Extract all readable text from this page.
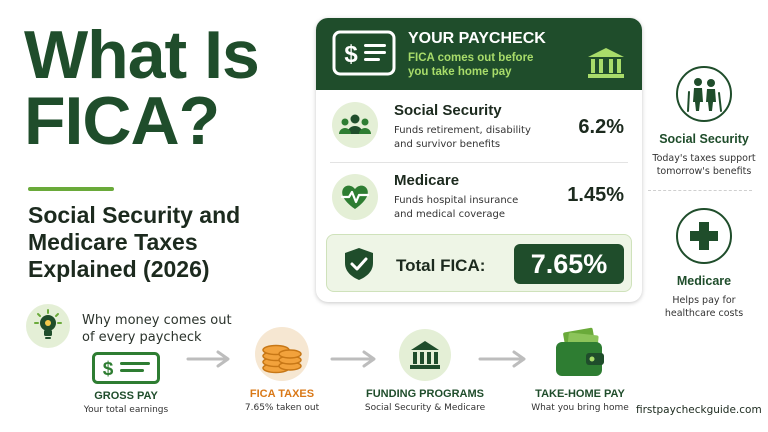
What Is
FICA?
Social Security and
Medicare Taxes
Explained (2026)
Why money comes out
of every paycheck
$
GROSS PAY
Your total earnings
FICA TAXES
7.65% taken out
FUNDING PROGRAMS
Social Security & Medicare
TAKE-HOME PAY
What you bring home
$
YOUR PAYCHECK
FICA comes out before
you take home pay
Social Security
Funds retirement, disability
and survivor benefits
6.2%
Medicare
Funds hospital insurance
and medical coverage
1.45%
Total FICA:	7.65%
Social Security
Today's taxes support
tomorrow's benefits
Medicare
Helps pay for
healthcare costs
firstpaycheckguide.com
